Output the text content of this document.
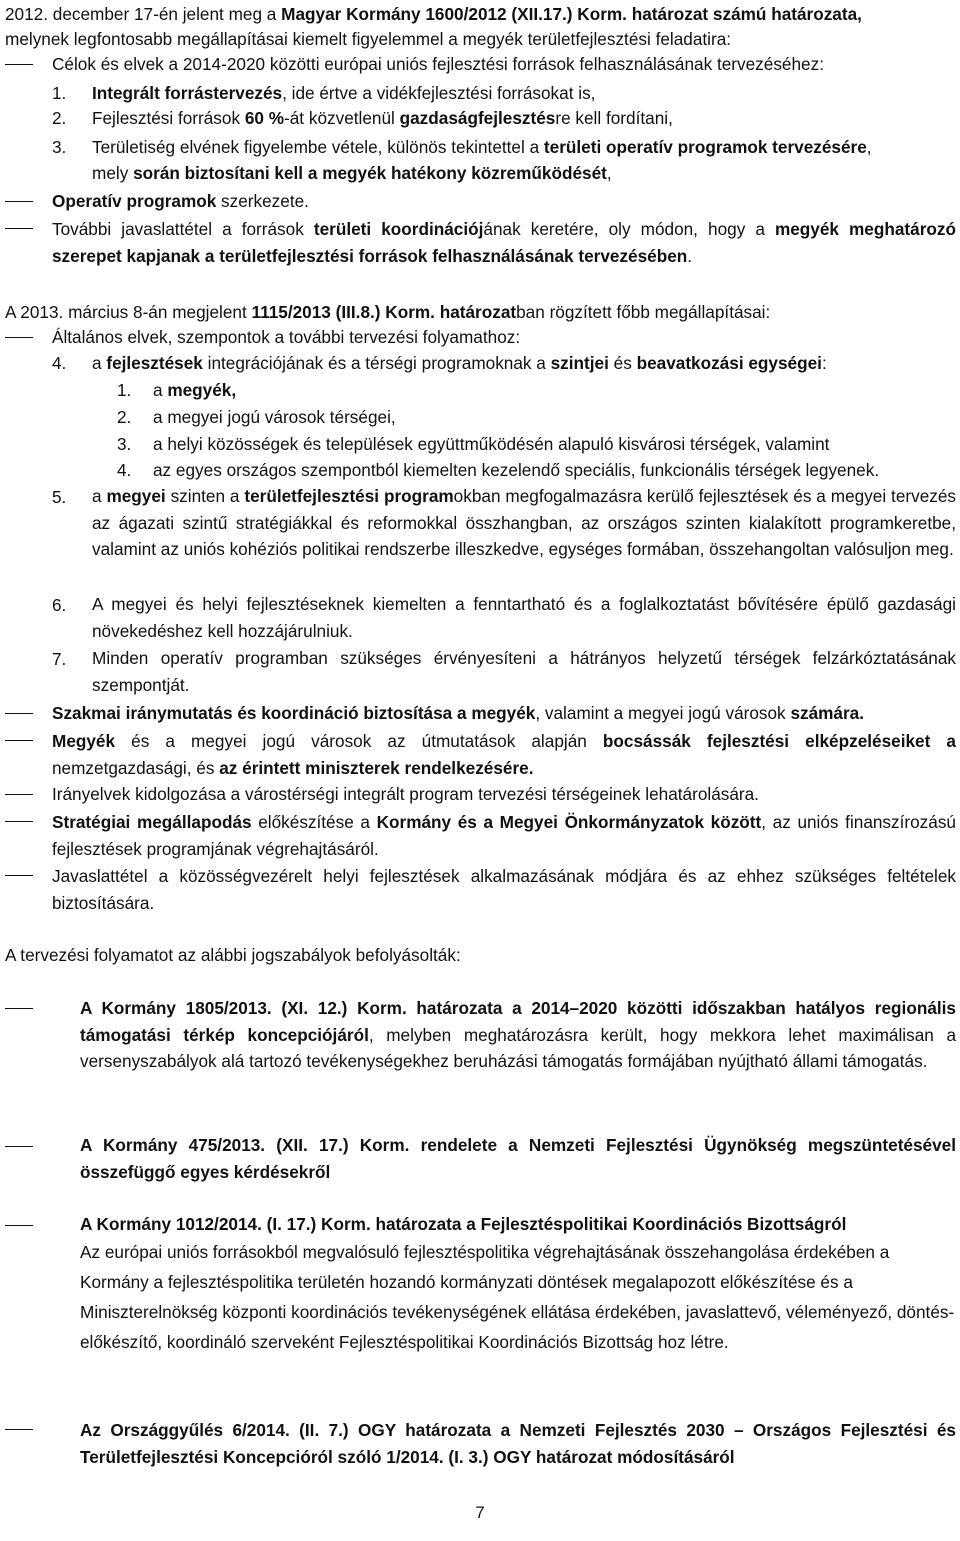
2012. december 17-én jelent meg a Magyar Kormány 1600/2012 (XII.17.) Korm. határozat számú határozata,
melynek legfontosabb megállapításai kiemelt figyelemmel a megyék területfejlesztési feladatira:
Célok és elvek a 2014-2020 közötti európai uniós fejlesztési források felhasználásának tervezéséhez:
1. Integrált forrástervezés, ide értve a vidékfejlesztési forrásokat is,
2. Fejlesztési források 60 %-át közvetlenül gazdaságfejlesztésre kell fordítani,
3. Területiség elvének figyelembe vétele, különös tekintettel a területi operatív programok tervezésére,
mely során biztosítani kell a megyék hatékony közreműködését,
Operatív programok szerkezete.
További javaslattétel a források területi koordinációjának keretére, oly módon, hogy a megyék meghatározó szerepet kapjanak a területfejlesztési források felhasználásának tervezésében.
A 2013. március 8-án megjelent 1115/2013 (III.8.) Korm. határozatban rögzített főbb megállapításai:
Általános elvek, szempontok a további tervezési folyamathoz:
4. a fejlesztések integrációjának és a térségi programoknak a szintjei és beavatkozási egységei:
1. a megyék,
2. a megyei jogú városok térségei,
3. a helyi közösségek és települések együttműködésén alapuló kisvárosi térségek, valamint
4. az egyes országos szempontból kiemelten kezelendő speciális, funkcionális térségek legyenek.
5. a megyei szinten a területfejlesztési programokban megfogalmazásra kerülő fejlesztések és a megyei tervezés az ágazati szintű stratégiákkal és reformokkal összhangban, az országos szinten kialakított programkeretbe, valamint az uniós kohéziós politikai rendszerbe illeszkedve, egységes formában, összehangoltan valósuljon meg.
6. A megyei és helyi fejlesztéseknek kiemelten a fenntartható és a foglalkoztatást bővítésére épülő gazdasági növekedéshez kell hozzájárulniuk.
7. Minden operatív programban szükséges érvényesíteni a hátrányos helyzetű térségek felzárkóztatásának szempontját.
Szakmai iránymutatás és koordináció biztosítása a megyék, valamint a megyei jogú városok számára.
Megyék és a megyei jogú városok az útmutatások alapján bocsássák fejlesztési elképzeléseiket a nemzetgazdasági, és az érintett miniszterek rendelkezésére.
Irányelvek kidolgozása a várostérségi integrált program tervezési térségeinek lehatárolására.
Stratégiai megállapodás előkészítése a Kormány és a Megyei Önkormányzatok között, az uniós finanszírozású fejlesztések programjának végrehajtásáról.
Javaslattétel a közösségvezérelt helyi fejlesztések alkalmazásának módjára és az ehhez szükséges feltételek biztosítására.
A tervezési folyamatot az alábbi jogszabályok befolyásolták:
A Kormány 1805/2013. (XI. 12.) Korm. határozata a 2014–2020 közötti időszakban hatályos regionális támogatási térkép koncepciójáról, melyben meghatározásra került, hogy mekkora lehet maximálisan a versenyszabályok alá tartozó tevékenységekhez beruházási támogatás formájában nyújtható állami támogatás.
A Kormány 475/2013. (XII. 17.) Korm. rendelete a Nemzeti Fejlesztési Ügynökség megszüntetésével összefüggő egyes kérdésekről
A Kormány 1012/2014. (I. 17.) Korm. határozata a Fejlesztéspolitikai Koordinációs Bizottságról
Az európai uniós forrásokból megvalósuló fejlesztéspolitika végrehajtásának összehangolása érdekében a Kormány a fejlesztéspolitika területén hozandó kormányzati döntések megalapozott előkészítése és a Miniszterelnökség központi koordinációs tevékenységének ellátása érdekében, javaslattevő, véleményező, döntés-előkészítő, koordináló szerveként Fejlesztéspolitikai Koordinációs Bizottság hoz létre.
Az Országgyűlés 6/2014. (II. 7.) OGY határozata a Nemzeti Fejlesztés 2030 – Országos Fejlesztési és Területfejlesztési Koncepcióról szóló 1/2014. (I. 3.) OGY határozat módosításáról
7
